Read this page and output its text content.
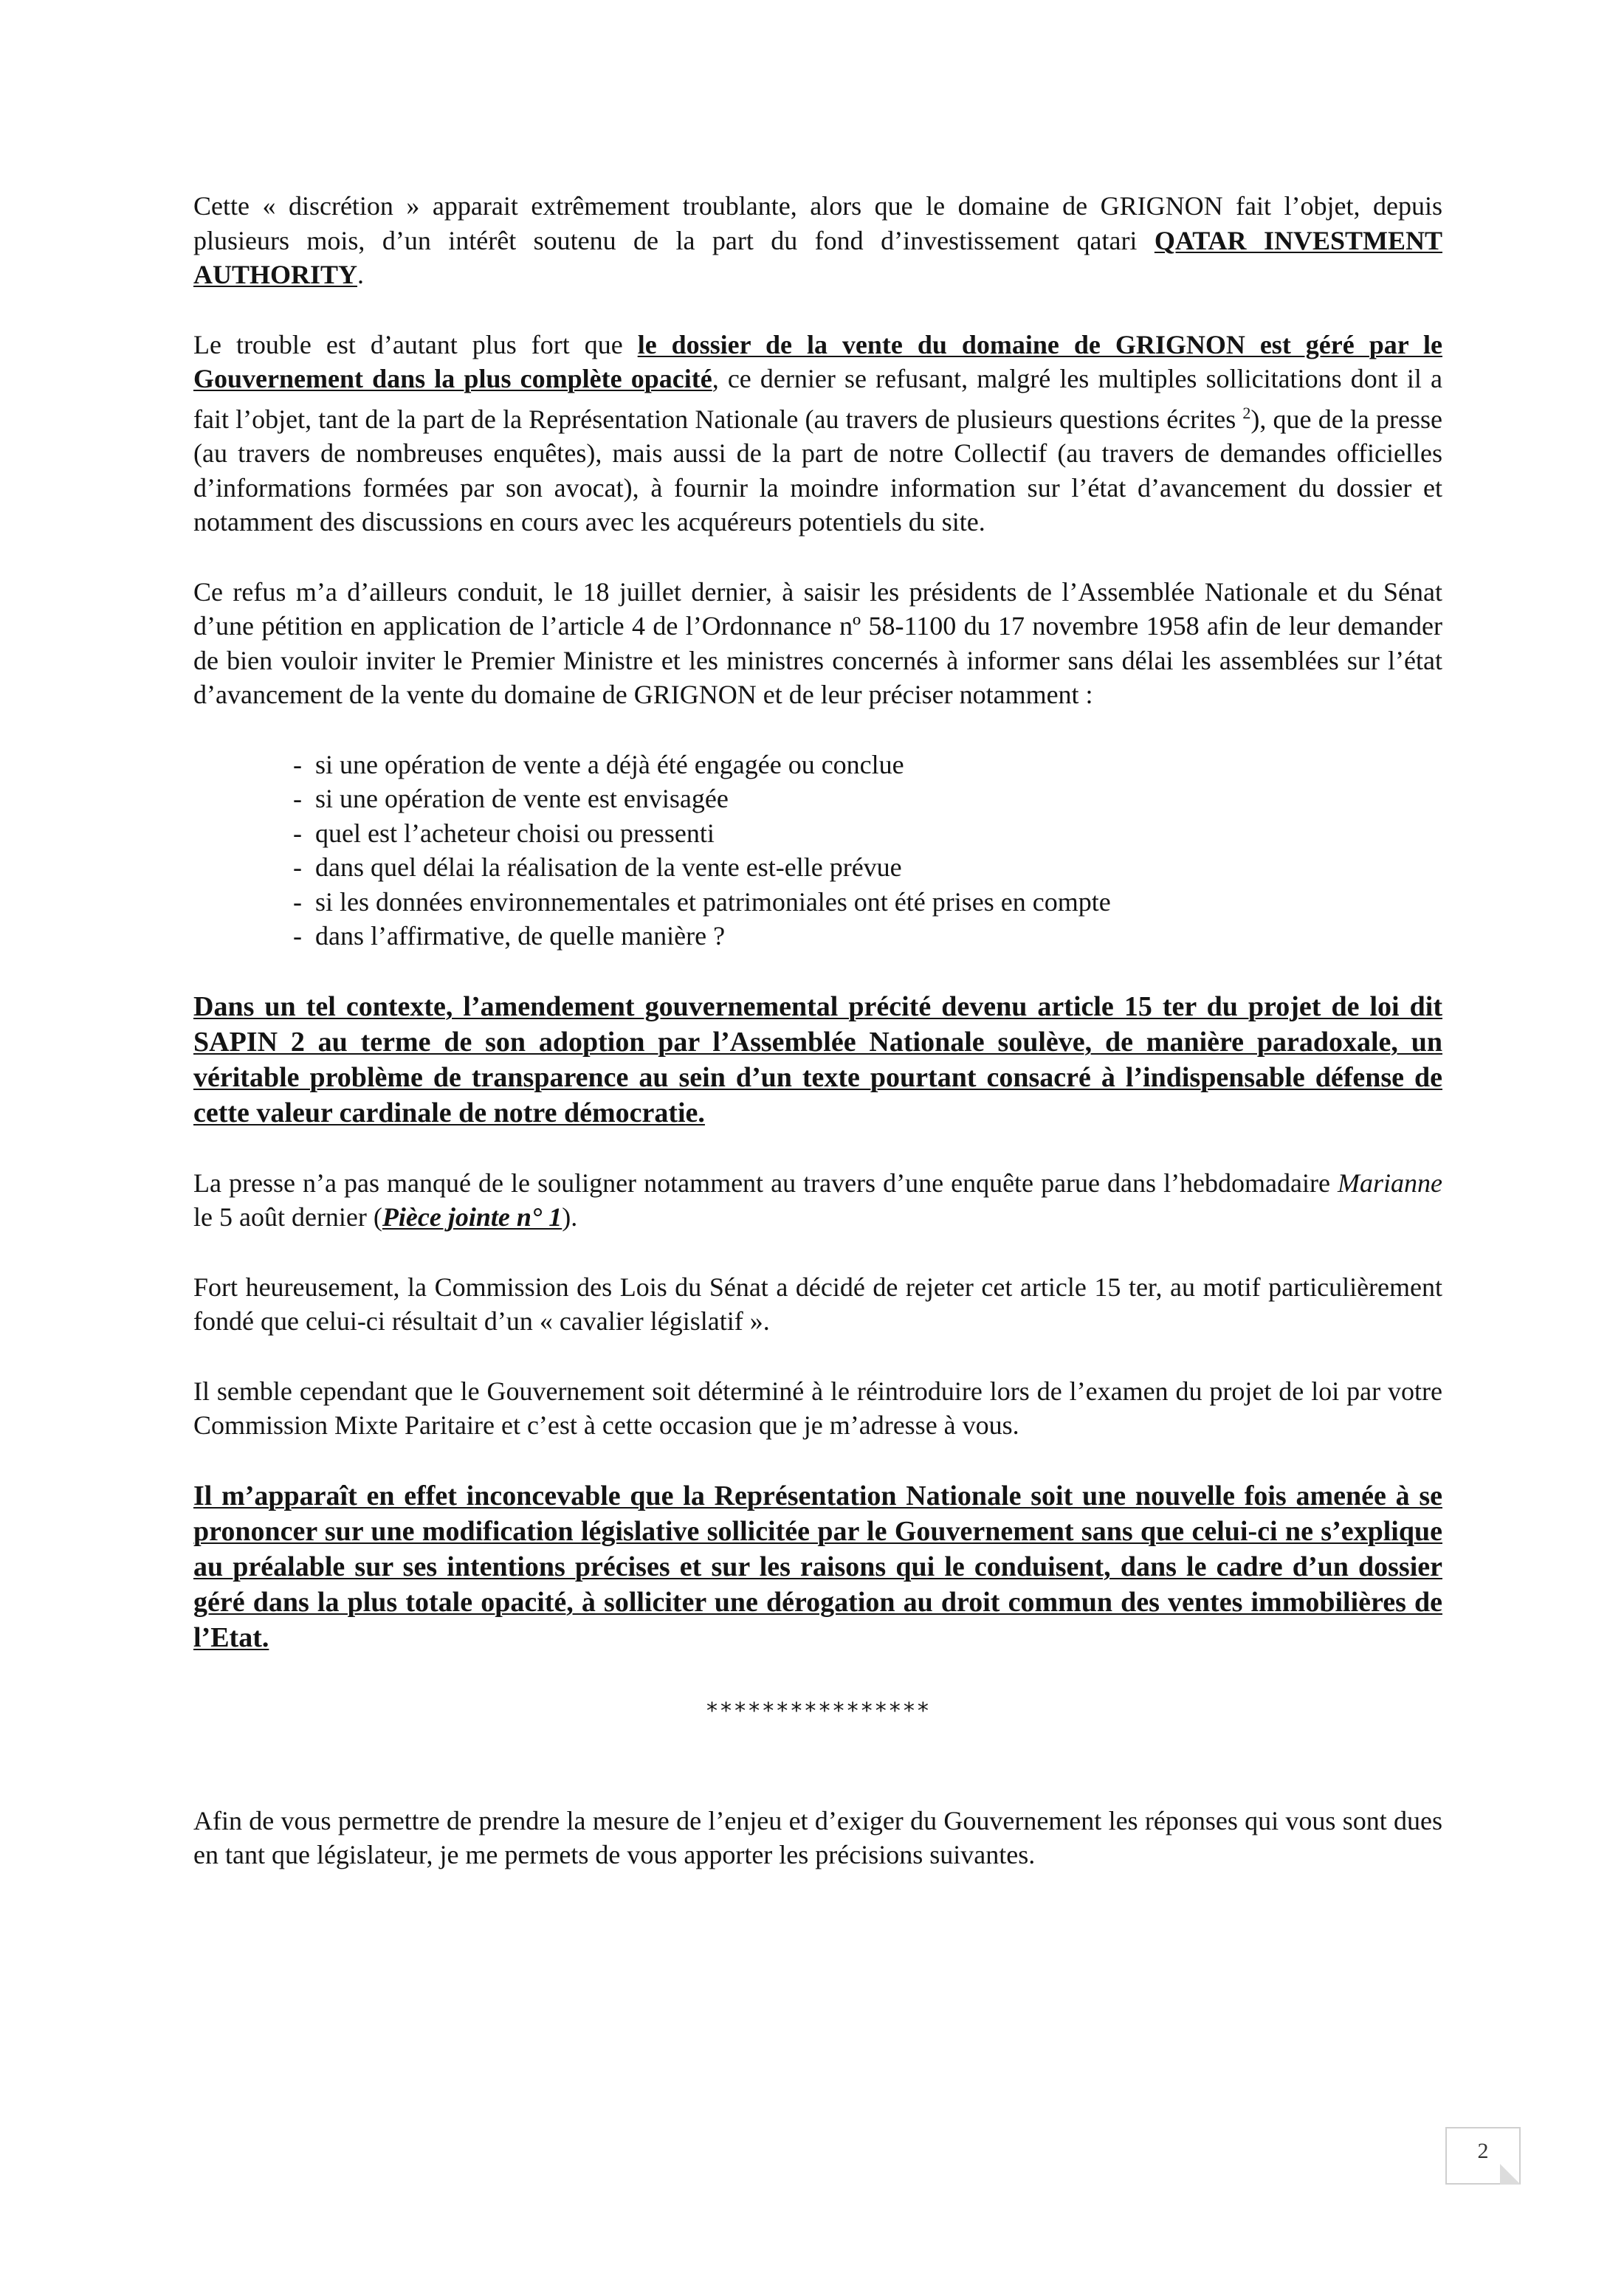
Cette « discrétion » apparait extrêmement troublante, alors que le domaine de GRIGNON fait l’objet, depuis plusieurs mois, d’un intérêt soutenu de la part du fond d’investissement qatari QATAR INVESTMENT AUTHORITY.

Le trouble est d’autant plus fort que le dossier de la vente du domaine de GRIGNON est géré par le Gouvernement dans la plus complète opacité, ce dernier se refusant, malgré les multiples sollicitations dont il a fait l’objet, tant de la part de la Représentation Nationale (au travers de plusieurs questions écrites $^2$), que de la presse (au travers de nombreuses enquêtes), mais aussi de la part de notre Collectif (au travers de demandes officielles d’informations formées par son avocat), à fournir la moindre information sur l’état d’avancement du dossier et notamment des discussions en cours avec les acquéreurs potentiels du site.

Ce refus m’a d’ailleurs conduit, le 18 juillet dernier, à saisir les présidents de l’Assemblée Nationale et du Sénat d’une pétition en application de l’article 4 de l’Ordonnance nº 58-1100 du 17 novembre 1958 afin de leur demander de bien vouloir inviter le Premier Ministre et les ministres concernés à informer sans délai les assemblées sur l’état d’avancement de la vente du domaine de GRIGNON et de leur préciser notamment :

- si une opération de vente a déjà été engagée ou conclue
- si une opération de vente est envisagée
- quel est l’acheteur choisi ou pressenti
- dans quel délai la réalisation de la vente est-elle prévue
- si les données environnementales et patrimoniales ont été prises en compte
- dans l’affirmative, de quelle manière ?

Dans un tel contexte, l’amendement gouvernemental précité devenu article 15 ter du projet de loi dit SAPIN 2 au terme de son adoption par l’Assemblée Nationale soulève, de manière paradoxale, un véritable problème de transparence au sein d’un texte pourtant consacré à l’indispensable défense de cette valeur cardinale de notre démocratie.

La presse n’a pas manqué de le souligner notamment au travers d’une enquête parue dans l’hebdomadaire Marianne le 5 août dernier (Pièce jointe n° 1).

Fort heureusement, la Commission des Lois du Sénat a décidé de rejeter cet article 15 ter, au motif particulièrement fondé que celui-ci résultait d’un « cavalier législatif ».

Il semble cependant que le Gouvernement soit déterminé à le réintroduire lors de l’examen du projet de loi par votre Commission Mixte Paritaire et c’est à cette occasion que je m’adresse à vous.

Il m’apparaît en effet inconcevable que la Représentation Nationale soit une nouvelle fois amenée à se prononcer sur une modification législative sollicitée par le Gouvernement sans que celui-ci ne s’explique au préalable sur ses intentions précises et sur les raisons qui le conduisent, dans le cadre d’un dossier géré dans la plus totale opacité, à solliciter une dérogation au droit commun des ventes immobilières de l’Etat.

****************

Afin de vous permettre de prendre la mesure de l’enjeu et d’exiger du Gouvernement les réponses qui vous sont dues en tant que législateur, je me permets de vous apporter les précisions suivantes.

2
